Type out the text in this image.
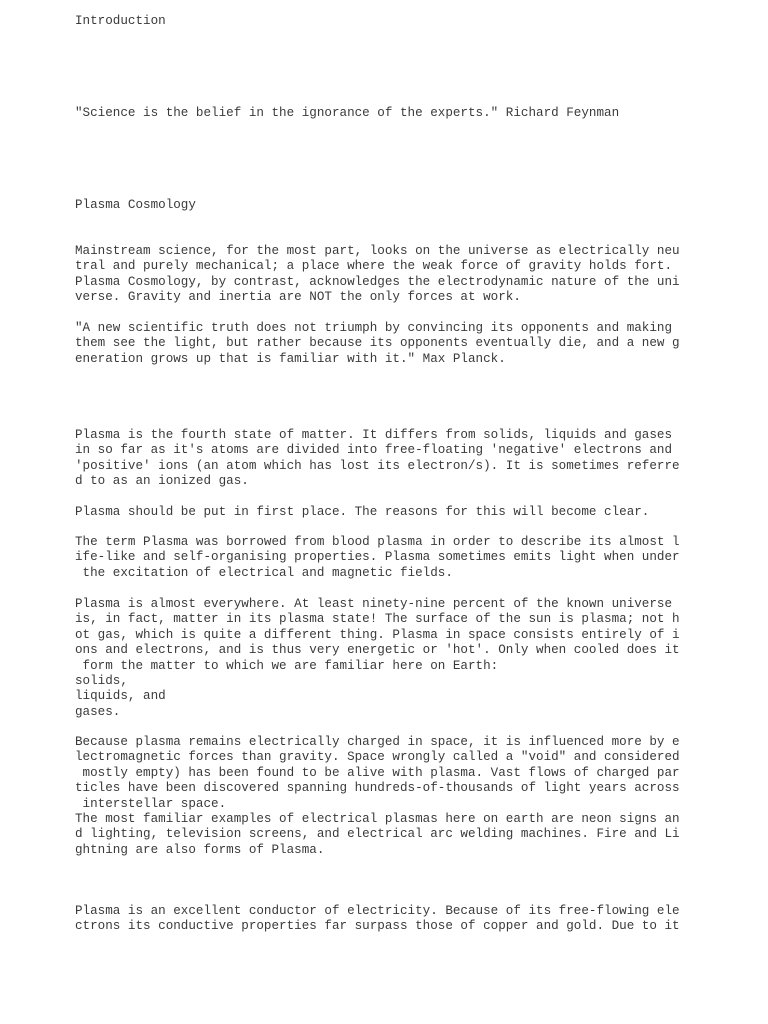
Introduction

"Science is the belief in the ignorance of the experts." Richard Feynman

Plasma Cosmology

Mainstream science, for the most part, looks on the universe as electrically neu

tral and purely mechanical; a place where the weak force of gravity holds fort.

Plasma Cosmology, by contrast, acknowledges the electrodynamic nature of the uni

verse. Gravity and inertia are NOT the only forces at work.

"A new scientific truth does not triumph by convincing its opponents and making

them see the light, but rather because its opponents eventually die, and a new g

eneration grows up that is familiar with it." Max Planck.

Plasma is the fourth state of matter. It differs from solids, liquids and gases

in so far as it's atoms are divided into free-floating 'negative' electrons and

'positive' ions (an atom which has lost its electron/s). It is sometimes referre

d to as an ionized gas.

Plasma should be put in first place. The reasons for this will become clear.

The term Plasma was borrowed from blood plasma in order to describe its almost l

ife-like and self-organising properties. Plasma sometimes emits light when under

the excitation of electrical and magnetic fields.

Plasma is almost everywhere. At least ninety-nine percent of the known universe

is, in fact, matter in its plasma state! The surface of the sun is plasma; not h

ot gas, which is quite a different thing. Plasma in space consists entirely of i

ons and electrons, and is thus very energetic or 'hot'. Only when cooled does it

form the matter to which we are familiar here on Earth:

solids,

liquids, and

gases.

Because plasma remains electrically charged in space, it is influenced more by e

lectromagnetic forces than gravity. Space wrongly called a "void" and considered

mostly empty) has been found to be alive with plasma. Vast flows of charged par

ticles have been discovered spanning hundreds-of-thousands of light years across

interstellar space.

The most familiar examples of electrical plasmas here on earth are neon signs an

d lighting, television screens, and electrical arc welding machines. Fire and Li

ghtning are also forms of Plasma.

Plasma is an excellent conductor of electricity. Because of its free-flowing ele

ctrons its conductive properties far surpass those of copper and gold. Due to it
